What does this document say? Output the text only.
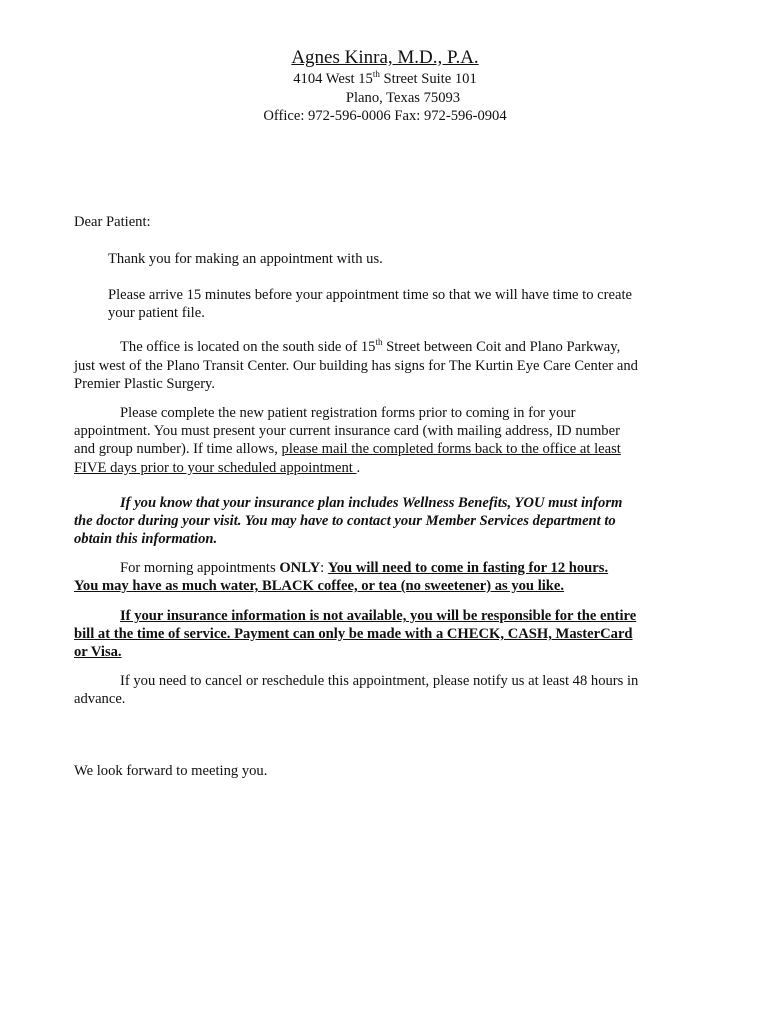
Agnes Kinra, M.D., P.A.
4104 West 15th Street Suite 101
Plano, Texas 75093
Office: 972-596-0006 Fax: 972-596-0904
Dear Patient:
Thank you for making an appointment with us.
Please arrive 15 minutes before your appointment time so that we will have time to create
your patient file.
The office is located on the south side of 15th Street between Coit and Plano Parkway,
just west of the Plano Transit Center. Our building has signs for The Kurtin Eye Care Center and
Premier Plastic Surgery.
Please complete the new patient registration forms prior to coming in for your
appointment. You must present your current insurance card (with mailing address, ID number
and group number). If time allows, please mail the completed forms back to the office at least
FIVE days prior to your scheduled appointment .
If you know that your insurance plan includes Wellness Benefits, YOU must inform
the doctor during your visit. You may have to contact your Member Services department to
obtain this information.
For morning appointments ONLY: You will need to come in fasting for 12 hours.
You may have as much water, BLACK coffee, or tea (no sweetener) as you like.
If your insurance information is not available, you will be responsible for the entire
bill at the time of service. Payment can only be made with a CHECK, CASH, MasterCard
or Visa.
If you need to cancel or reschedule this appointment, please notify us at least 48 hours in
advance.
We look forward to meeting you.
